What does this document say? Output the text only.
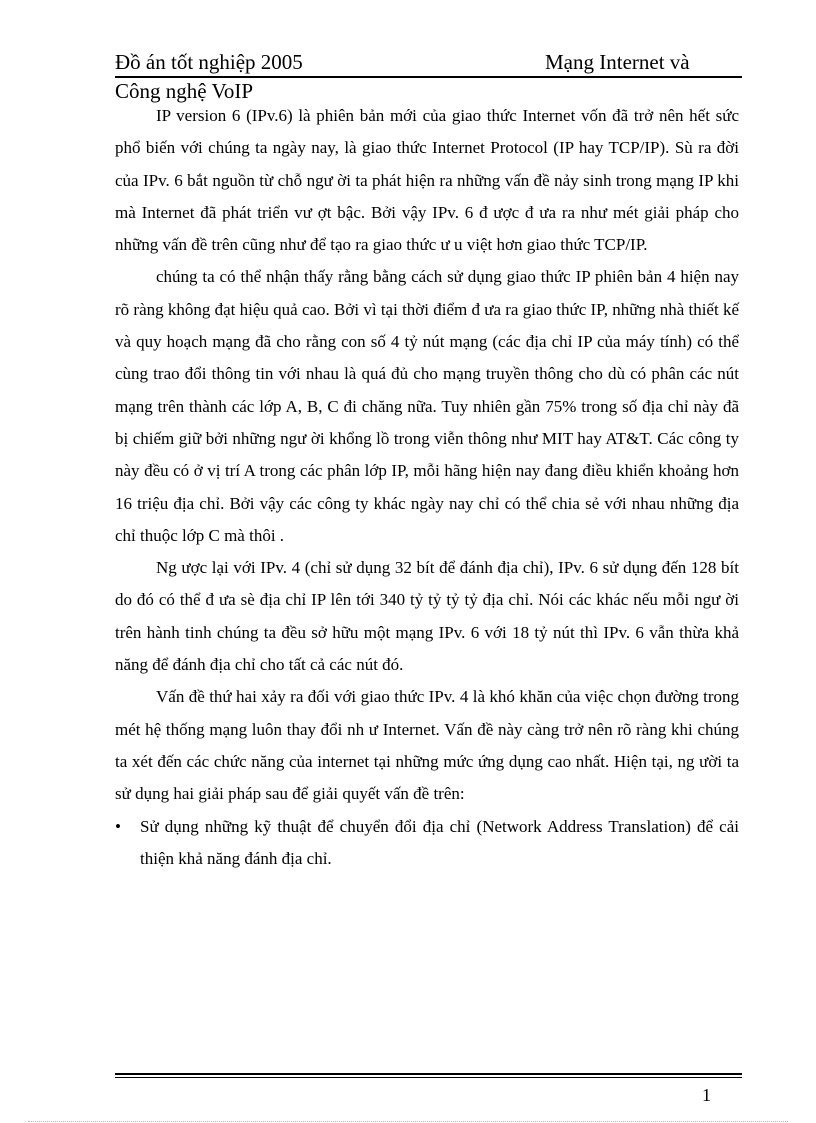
Đồ án tốt nghiệp 2005	Mạng Internet và
Công nghệ VoIP

IP version 6 (IPv.6) là phiên bản mới của giao thức Internet vốn đã trở nên hết sức phổ biến với chúng ta ngày nay, là giao thức Internet Protocol (IP hay TCP/IP). Sù ra đời của IPv. 6 bắt nguồn từ chỗ ngư ời ta phát hiện ra những vấn đề nảy sinh trong mạng IP khi mà Internet đã phát triển vư ợt bậc. Bởi vậy IPv. 6 đ ược đ ưa ra như mét giải pháp cho những vấn đề trên cũng như để tạo ra giao thức ư u việt hơn giao thức TCP/IP.

chúng ta có thể nhận thấy rằng bằng cách sử dụng giao thức IP phiên bản 4 hiện nay rõ ràng không đạt hiệu quả cao. Bởi vì tại thời điểm đ ưa ra giao thức IP, những nhà thiết kế và quy hoạch mạng đã cho rằng con số 4 tỷ nút mạng (các địa chỉ IP của máy tính) có thể cùng trao đổi thông tin với nhau là quá đủ cho mạng truyền thông cho dù có phân các nút mạng trên thành các lớp A, B, C đi chăng nữa. Tuy nhiên gần 75% trong số địa chỉ này đã bị chiếm giữ bởi những ngư ời khổng lồ trong viễn thông như MIT hay AT&T. Các công ty này đều có ở vị trí A trong các phân lớp IP, mỗi hãng hiện nay đang điều khiển khoảng hơn 16 triệu địa chỉ. Bởi vậy các công ty khác ngày nay chỉ có thể chia sẻ với nhau những địa chỉ thuộc lớp C mà thôi .

Ng ược lại với IPv. 4 (chỉ sử dụng 32 bít để đánh địa chỉ), IPv. 6 sử dụng đến 128 bít do đó có thể đ ưa sè địa chỉ IP lên tới 340 tỷ tỷ tỷ tỷ địa chỉ. Nói các khác nếu mỗi ngư ời trên hành tinh chúng ta đều sở hữu một mạng IPv. 6 với 18 tỷ nút thì IPv. 6 vẫn thừa khả năng để đánh địa chỉ cho tất cả các nút đó.

Vấn đề thứ hai xảy ra đối với giao thức IPv. 4 là khó khăn của việc chọn đường trong mét hệ thống mạng luôn thay đổi nh ư Internet. Vấn đề này càng trở nên rõ ràng khi chúng ta xét đến các chức năng của internet tại những mức ứng dụng cao nhất. Hiện tại, ng ười ta sử dụng hai giải pháp sau để giải quyết vấn đề trên:

•	Sử dụng những kỹ thuật để chuyển đổi địa chỉ (Network Address Translation) để cải thiện khả năng đánh địa chỉ.
1
